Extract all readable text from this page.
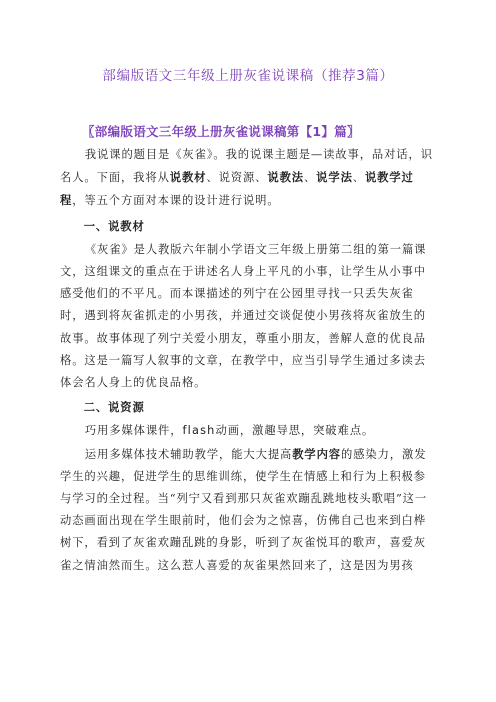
部编版语文三年级上册灰雀说课稿（推荐3篇）
〖部编版语文三年级上册灰雀说课稿第【1】篇〗

我说课的题目是《灰雀》。我的说课主题是—读故事，品对话，识名人。下面，我将从说教材、说资源、说教法、说学法、说教学过程，等五个方面对本课的设计进行说明。

一、说教材

《灰雀》是人教版六年制小学语文三年级上册第二组的第一篇课文，这组课文的重点在于讲述名人身上平凡的小事，让学生从小事中感受他们的不平凡。而本课描述的列宁在公园里寻找一只丢失灰雀时，遇到将灰雀抓走的小男孩，并通过交谈促使小男孩将灰雀放生的故事。故事体现了列宁关爱小朋友，尊重小朋友，善解人意的优良品格。这是一篇写人叙事的文章，在教学中，应当引导学生通过多读去体会名人身上的优良品格。

二、说资源

巧用多媒体课件，flash动画，激趣导思，突破难点。

运用多媒体技术辅助教学，能大大提高教学内容的感染力，激发学生的兴趣，促进学生的思维训练，使学生在情感上和行为上积极参与学习的全过程。当“列宁又看到那只灰雀欢蹦乱跳地枝头歌唱”这一动态画面出现在学生眼前时，他们会为之惊喜，仿佛自己也来到白桦树下，看到了灰雀欢蹦乱跳的身影，听到了灰雀悦耳的歌声，喜爱灰雀之情油然而生。这么惹人喜爱的灰雀果然回来了，这是因为男孩
